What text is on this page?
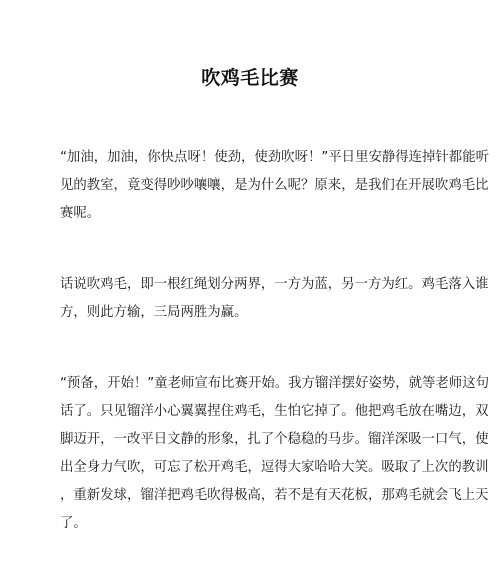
吹鸡毛比赛

“加油，加油，你快点呀！使劲，使劲吹呀！”平日里安静得连掉针都能听
见的教室，竟变得吵吵嚷嚷，是为什么呢？原来，是我们在开展吹鸡毛比
赛呢。

话说吹鸡毛，即一根红绳划分两界，一方为蓝，另一方为红。鸡毛落入谁
方，则此方输，三局两胜为赢。

“预备，开始！”童老师宣布比赛开始。我方镏洋摆好姿势，就等老师这句
话了。只见镏洋小心翼翼捏住鸡毛，生怕它掉了。他把鸡毛放在嘴边，双
脚迈开，一改平日文静的形象，扎了个稳稳的马步。镏洋深吸一口气，使
出全身力气吹，可忘了松开鸡毛，逗得大家哈哈大笑。吸取了上次的教训
，重新发球，镏洋把鸡毛吹得极高，若不是有天花板，那鸡毛就会飞上天
了。
